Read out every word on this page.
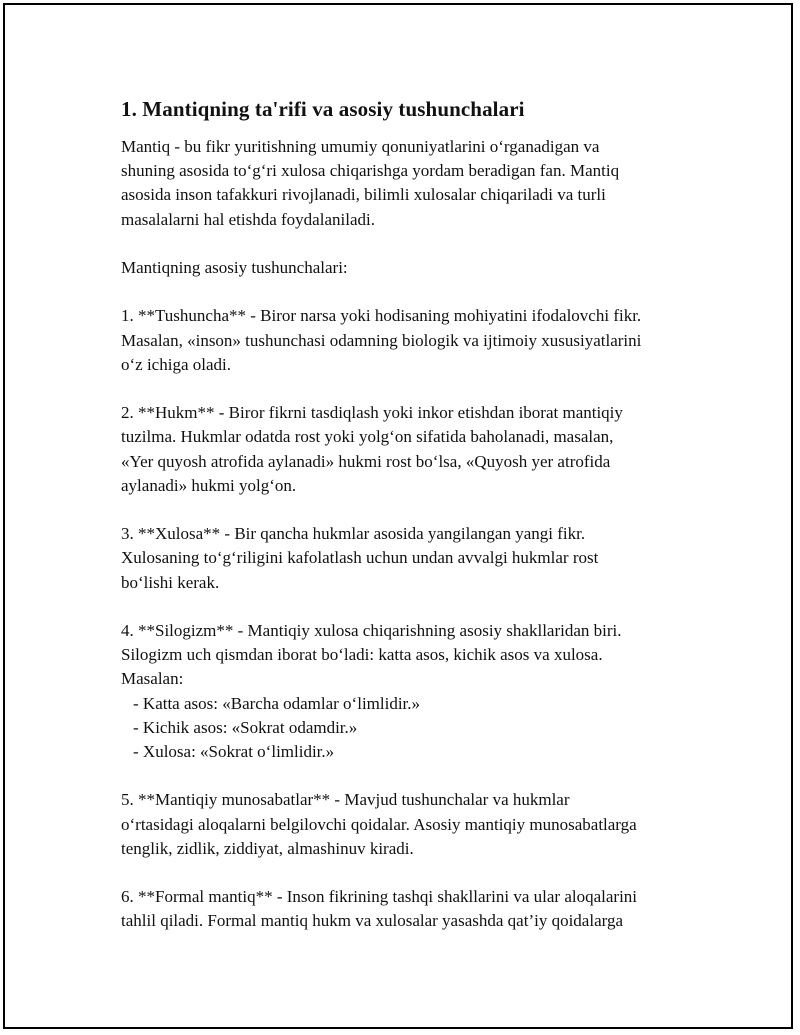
1. Mantiqning ta'rifi va asosiy tushunchalari
Mantiq - bu fikr yuritishning umumiy qonuniyatlarini o‘rganadigan va
shuning asosida to‘g‘ri xulosa chiqarishga yordam beradigan fan. Mantiq
asosida inson tafakkuri rivojlanadi, bilimli xulosalar chiqariladi va turli
masalalarni hal etishda foydalaniladi.
Mantiqning asosiy tushunchalari:
1. **Tushuncha** - Biror narsa yoki hodisaning mohiyatini ifodalovchi fikr.
Masalan, «inson» tushunchasi odamning biologik va ijtimoiy xususiyatlarini
o‘z ichiga oladi.
2. **Hukm** - Biror fikrni tasdiqlash yoki inkor etishdan iborat mantiqiy
tuzilma. Hukmlar odatda rost yoki yolg‘on sifatida baholanadi, masalan,
«Yer quyosh atrofida aylanadi» hukmi rost bo‘lsa, «Quyosh yer atrofida
aylanadi» hukmi yolg‘on.
3. **Xulosa** - Bir qancha hukmlar asosida yangilangan yangi fikr.
Xulosaning to‘g‘riligini kafolatlash uchun undan avvalgi hukmlar rost
bo‘lishi kerak.
4. **Silogizm** - Mantiqiy xulosa chiqarishning asosiy shakllaridan biri.
Silogizm uch qismdan iborat bo‘ladi: katta asos, kichik asos va xulosa.
Masalan:
- Katta asos: «Barcha odamlar o‘limlidir.»
- Kichik asos: «Sokrat odamdir.»
- Xulosa: «Sokrat o‘limlidir.»
5. **Mantiqiy munosabatlar** - Mavjud tushunchalar va hukmlar
o‘rtasidagi aloqalarni belgilovchi qoidalar. Asosiy mantiqiy munosabatlarga
tenglik, zidlik, ziddiyat, almashinuv kiradi.
6. **Formal mantiq** - Inson fikrining tashqi shakllarini va ular aloqalarini
tahlil qiladi. Formal mantiq hukm va xulosalar yasashda qat’iy qoidalarga
